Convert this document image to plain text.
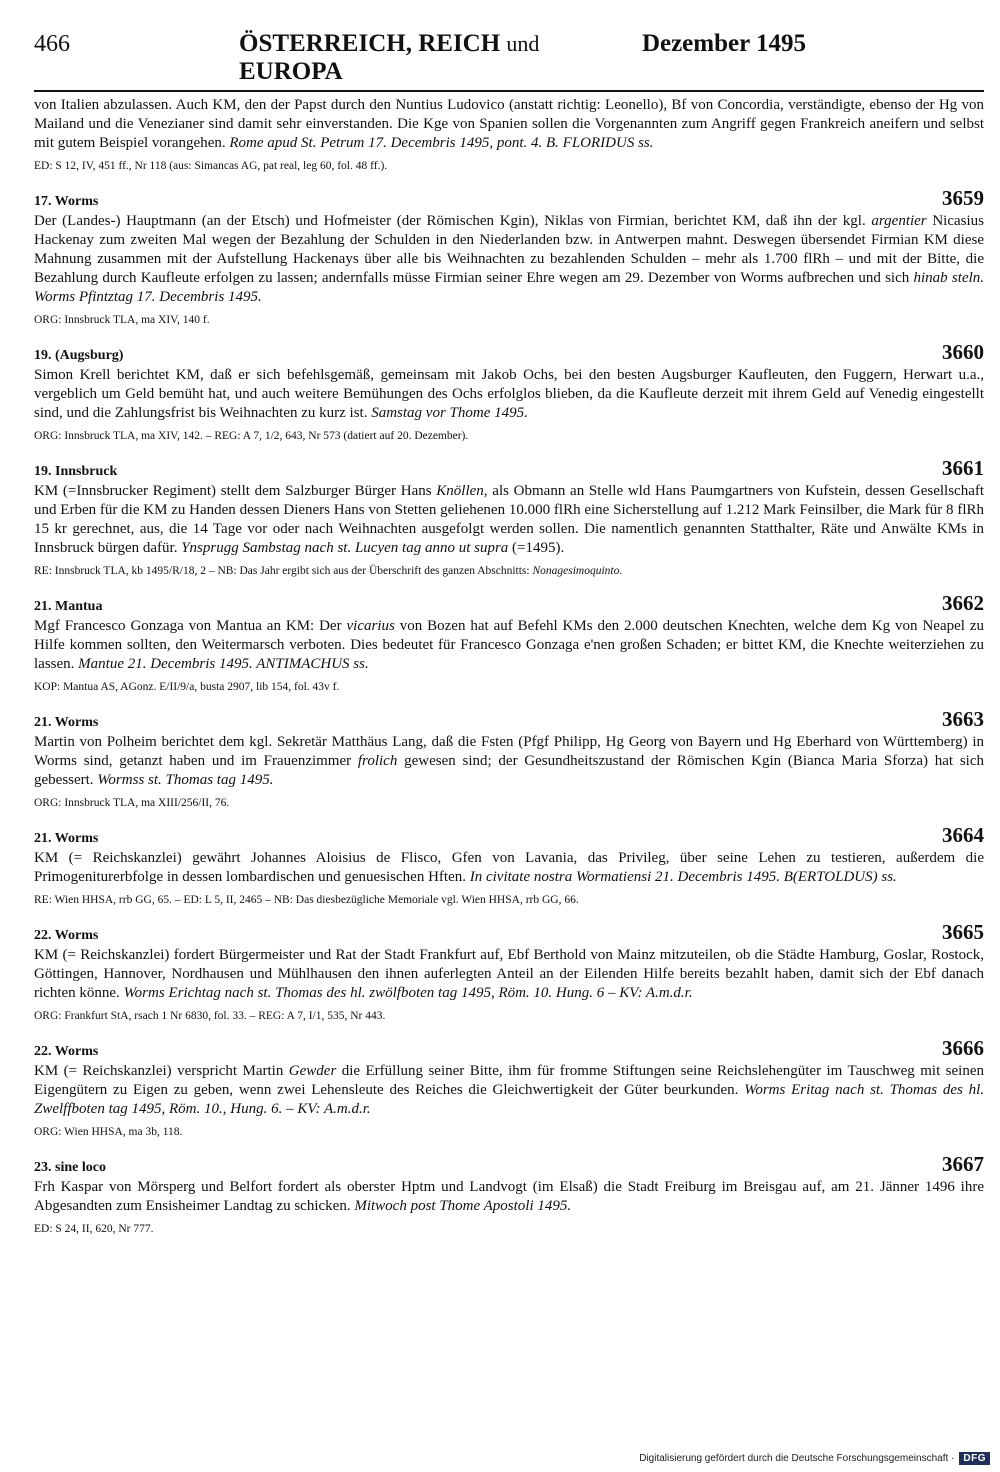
466	ÖSTERREICH, REICH und EUROPA
Dezember 1495

von Italien abzulassen. Auch KM, den der Papst durch den Nuntius Ludovico (anstatt richtig: Leonello), Bf von Concordia, verständigte, ebenso der Hg von Mailand und die Venezianer sind damit sehr einverstanden. Die Kge von Spanien sollen die Vorgenannten zum Angriff gegen Frankreich aneifern und selbst mit gutem Beispiel vorangehen. Rome apud St. Petrum 17. Decembris 1495, pont. 4. B. FLORIDUS ss.

ED: S 12, IV, 451 ff., Nr 118 (aus: Simancas AG, pat real, leg 60, fol. 48 ff.).

17. Worms	3659

Der (Landes-) Hauptmann (an der Etsch) und Hofmeister (der Römischen Kgin), Niklas von Firmian, berichtet KM, daß ihn der kgl. argentier Nicasius Hackenay zum zweiten Mal wegen der Bezahlung der Schulden in den Niederlanden bzw. in Antwerpen mahnt. Deswegen übersendet Firmian KM diese Mahnung zusammen mit der Aufstellung Hackenays über alle bis Weihnachten zu bezahlenden Schulden – mehr als 1.700 flRh – und mit der Bitte, die Bezahlung durch Kaufleute erfolgen zu lassen; andernfalls müsse Firmian seiner Ehre wegen am 29. Dezember von Worms aufbrechen und sich hinab steln. Worms Pfintztag 17. Decembris 1495.

ORG: Innsbruck TLA, ma XIV, 140 f.

19. (Augsburg)	3660

Simon Krell berichtet KM, daß er sich befehlsgemäß, gemeinsam mit Jakob Ochs, bei den besten Augsburger Kaufleuten, den Fuggern, Herwart u.a., vergeblich um Geld bemüht hat, und auch weitere Bemühungen des Ochs erfolglos blieben, da die Kaufleute derzeit mit ihrem Geld auf Venedig eingestellt sind, und die Zahlungsfrist bis Weihnachten zu kurz ist. Samstag vor Thome 1495.

ORG: Innsbruck TLA, ma XIV, 142. – REG: A 7, 1/2, 643, Nr 573 (datiert auf 20. Dezember).

19. Innsbruck	3661

KM (=Innsbrucker Regiment) stellt dem Salzburger Bürger Hans Knöllen, als Obmann an Stelle wld Hans Paumgartners von Kufstein, dessen Gesellschaft und Erben für die KM zu Handen dessen Dieners Hans von Stetten geliehenen 10.000 flRh eine Sicherstellung auf 1.212 Mark Feinsilber, die Mark für 8 flRh 15 kr gerechnet, aus, die 14 Tage vor oder nach Weihnachten ausgefolgt werden sollen. Die namentlich genannten Statthalter, Räte und Anwälte KMs in Innsbruck bürgen dafür. Ynsprugg Sambstag nach st. Lucyen tag anno ut supra (=1495).

RE: Innsbruck TLA, kb 1495/R/18, 2 – NB: Das Jahr ergibt sich aus der Überschrift des ganzen Abschnitts: Nonagesimoquinto.

21. Mantua	3662

Mgf Francesco Gonzaga von Mantua an KM: Der vicarius von Bozen hat auf Befehl KMs den 2.000 deutschen Knechten, welche dem Kg von Neapel zu Hilfe kommen sollten, den Weitermarsch verboten. Dies bedeutet für Francesco Gonzaga e'nen großen Schaden; er bittet KM, die Knechte weiterziehen zu lassen. Mantue 21. Decembris 1495. ANTIMACHUS ss.

KOP: Mantua AS, AGonz. E/II/9/a, busta 2907, lib 154, fol. 43v f.

21. Worms	3663

Martin von Polheim berichtet dem kgl. Sekretär Matthäus Lang, daß die Fsten (Pfgf Philipp, Hg Georg von Bayern und Hg Eberhard von Württemberg) in Worms sind, getanzt haben und im Frauenzimmer frolich gewesen sind; der Gesundheitszustand der Römischen Kgin (Bianca Maria Sforza) hat sich gebessert. Wormss st. Thomas tag 1495.

ORG: Innsbruck TLA, ma XIII/256/II, 76.

21. Worms	3664

KM (= Reichskanzlei) gewährt Johannes Aloisius de Flisco, Gfen von Lavania, das Privileg, über seine Lehen zu testieren, außerdem die Primogeniturerbfolge in dessen lombardischen und genuesischen Hften. In civitate nostra Wormatiensi 21. Decembris 1495. B(ERTOLDUS) ss.

RE: Wien HHSA, rrb GG, 65. – ED: L 5, II, 2465 – NB: Das diesbezügliche Memoriale vgl. Wien HHSA, rrb GG, 66.

22. Worms	3665

KM (= Reichskanzlei) fordert Bürgermeister und Rat der Stadt Frankfurt auf, Ebf Berthold von Mainz mitzuteilen, ob die Städte Hamburg, Goslar, Rostock, Göttingen, Hannover, Nordhausen und Mühlhausen den ihnen auferlegten Anteil an der Eilenden Hilfe bereits bezahlt haben, damit sich der Ebf danach richten könne. Worms Erichtag nach st. Thomas des hl. zwölfboten tag 1495, Röm. 10. Hung. 6 – KV: A.m.d.r.

ORG: Frankfurt StA, rsach 1 Nr 6830, fol. 33. – REG: A 7, I/1, 535, Nr 443.

22. Worms	3666

KM (= Reichskanzlei) verspricht Martin Gewder die Erfüllung seiner Bitte, ihm für fromme Stiftungen seine Reichslehengüter im Tauschweg mit seinen Eigengütern zu Eigen zu geben, wenn zwei Lehensleute des Reiches die Gleichwertigkeit der Güter beurkunden. Worms Eritag nach st. Thomas des hl. Zwelffboten tag 1495, Röm. 10., Hung. 6. – KV: A.m.d.r.

ORG: Wien HHSA, ma 3b, 118.

23. sine loco	3667

Frh Kaspar von Mörsperg und Belfort fordert als oberster Hptm und Landvogt (im Elsaß) die Stadt Freiburg im Breisgau auf, am 21. Jänner 1496 ihre Abgesandten zum Ensisheimer Landtag zu schicken. Mitwoch post Thome Apostoli 1495.

ED: S 24, II, 620, Nr 777.

Digitalisierung gefördert durch die Deutsche Forschungsgemeinschaft · DFG
